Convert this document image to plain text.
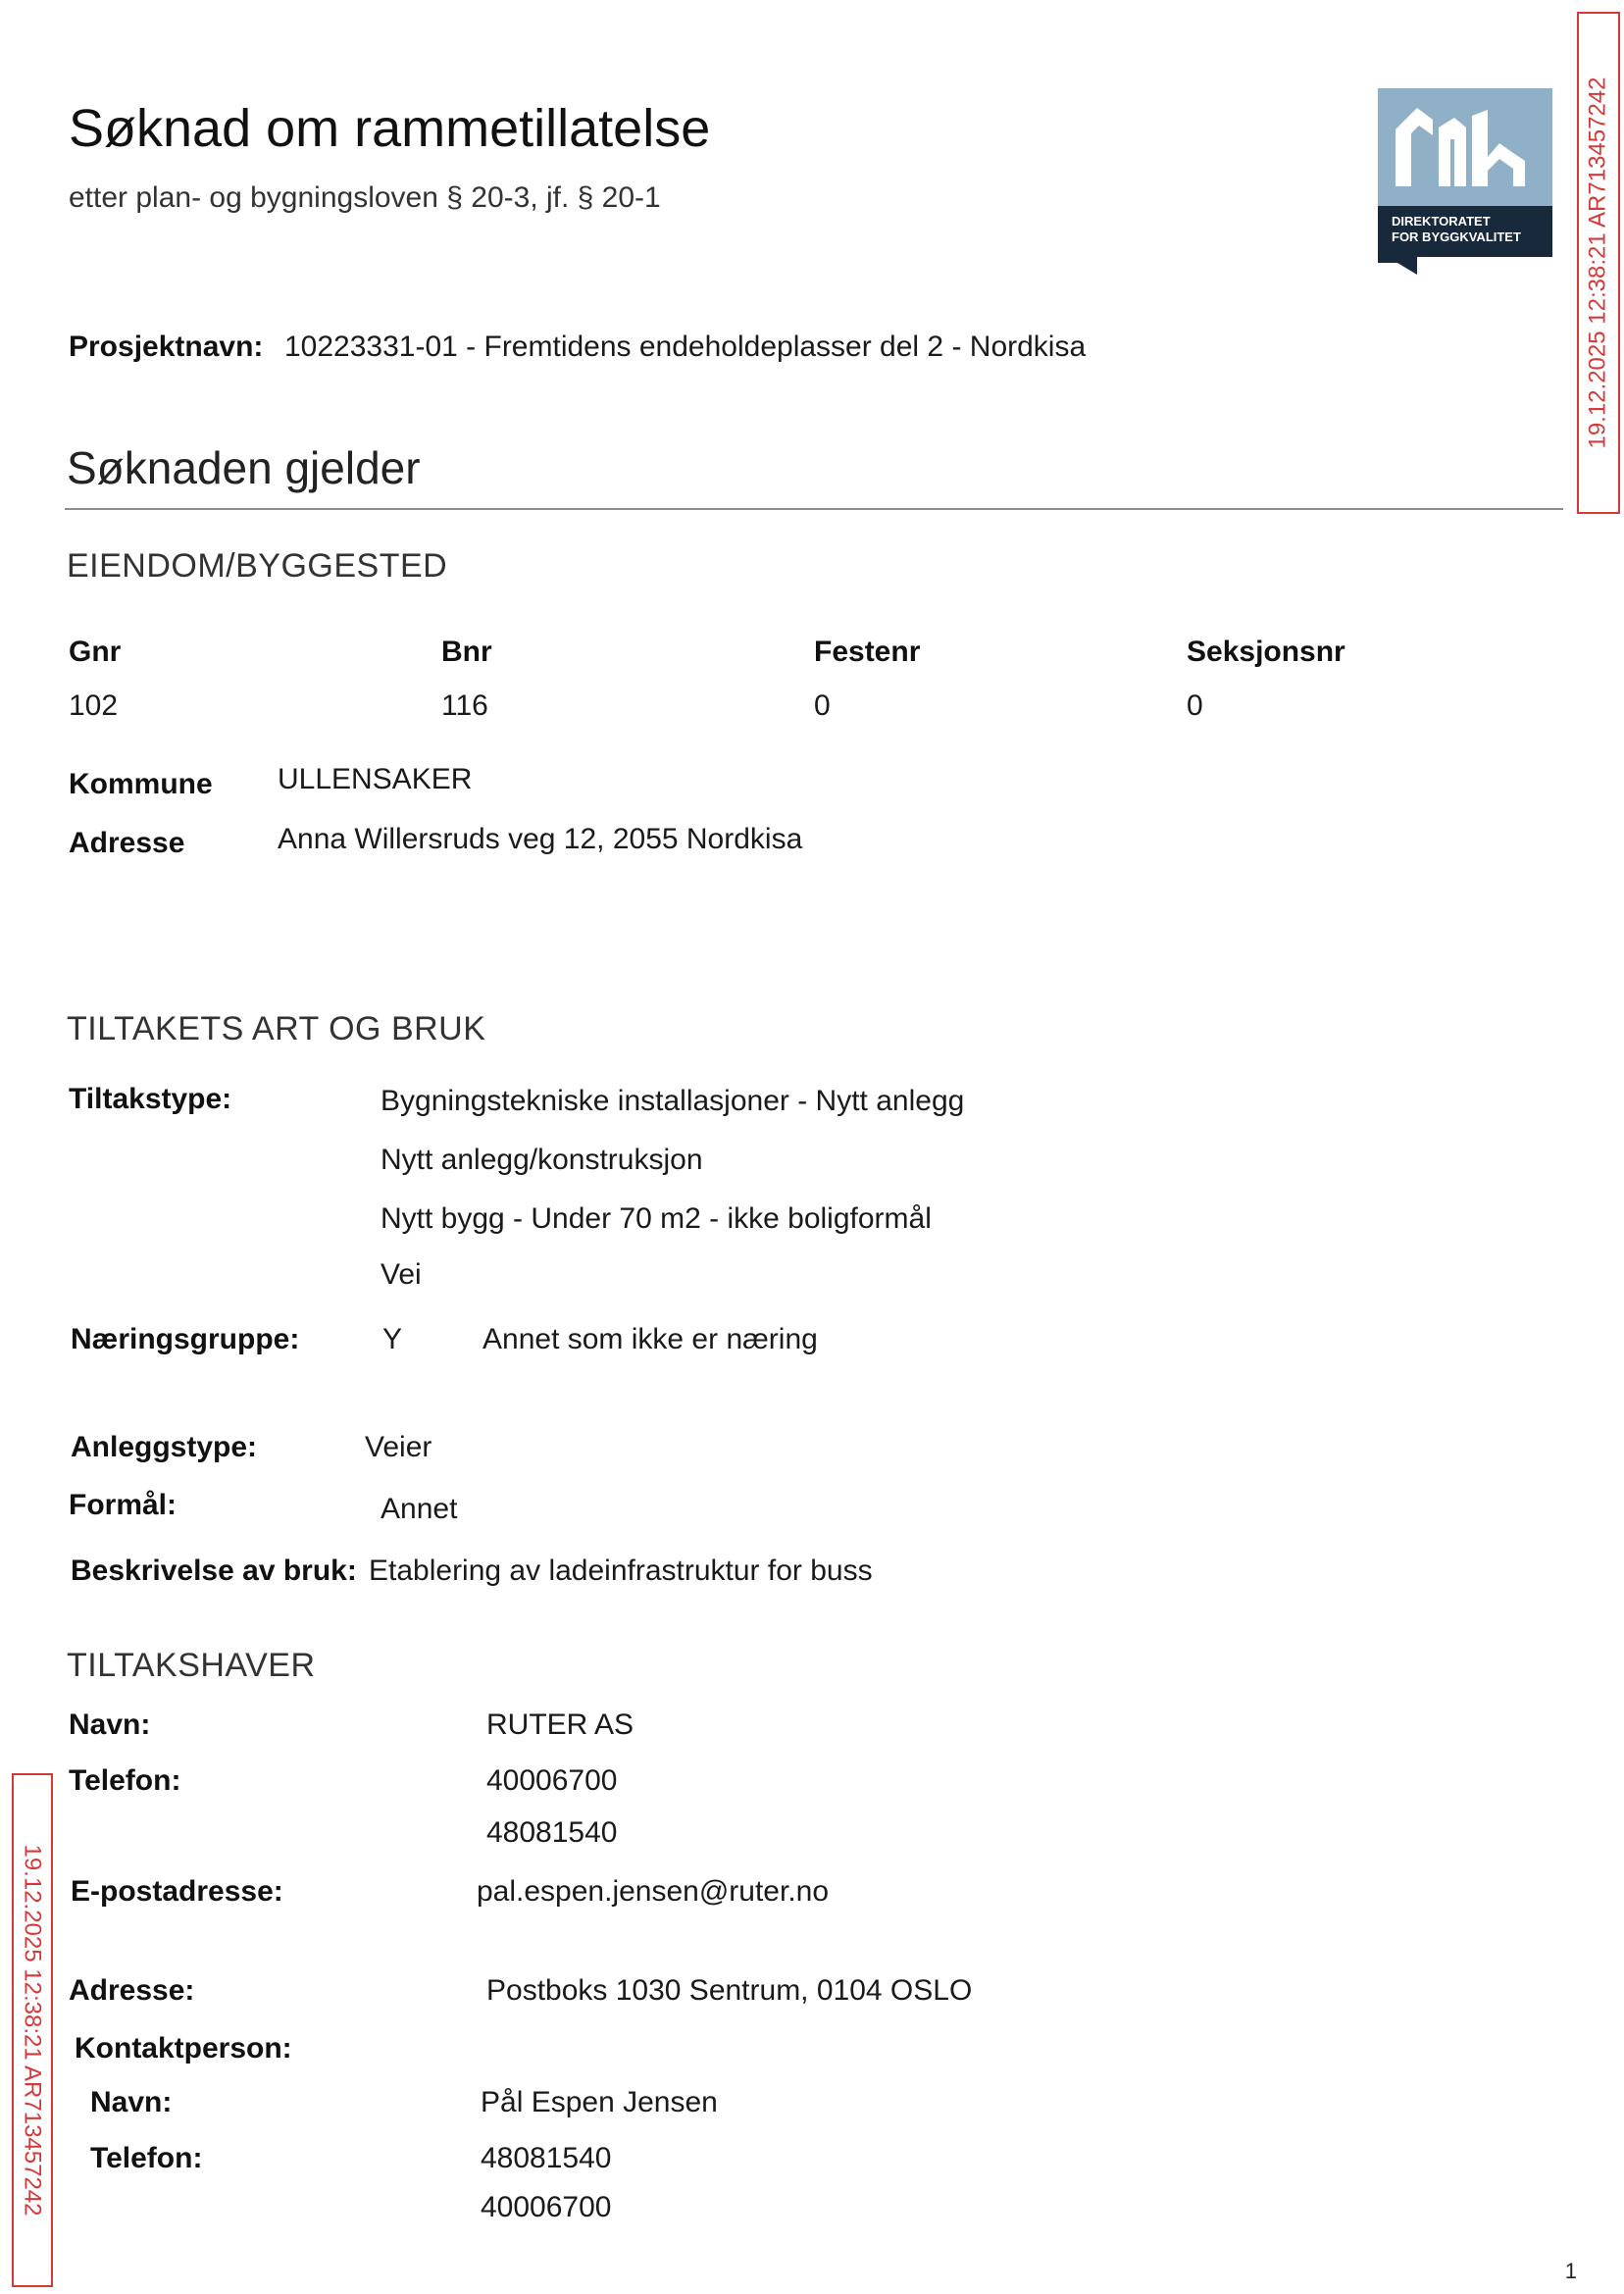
Søknad om rammetillatelse
etter plan- og bygningsloven § 20-3, jf. § 20-1
DIREKTORATET
FOR BYGGKVALITET	19.12.2025 12:38:21 AR713457242
Prosjektnavn: 10223331-01 - Fremtidens endeholdeplasser del 2 - Nordkisa
Søknaden gjelder
EIENDOM/BYGGESTED
Gnr	Bnr	Festenr	Seksjonsnr
102	116	0	0
Kommune ULLENSAKER
Adresse	Anna Willersruds veg 12, 2055 Nordkisa
TILTAKETS ART OG BRUK
Tiltakstype:	Bygningstekniske installasjoner - Nytt anlegg
Nytt anlegg/konstruksjon
Nytt bygg - Under 70 m2 - ikke boligformål
Vei
Næringsgruppe:	Y	Annet som ikke er næring
Anleggstype:	Veier
Formål:	Annet
Beskrivelse av bruk: Etablering av ladeinfrastruktur for buss
TILTAKSHAVER
Navn:	RUTER AS
Telefon:	40006700
48081540
E-postadresse:	pal.espen.jensen@ruter.no
Adresse:	Postboks 1030 Sentrum, 0104 OSLO
Kontaktperson:
Navn:	Pål Espen Jensen
Telefon:	48081540
40006700
19.12.2025 12:38:21 AR713457242
1
